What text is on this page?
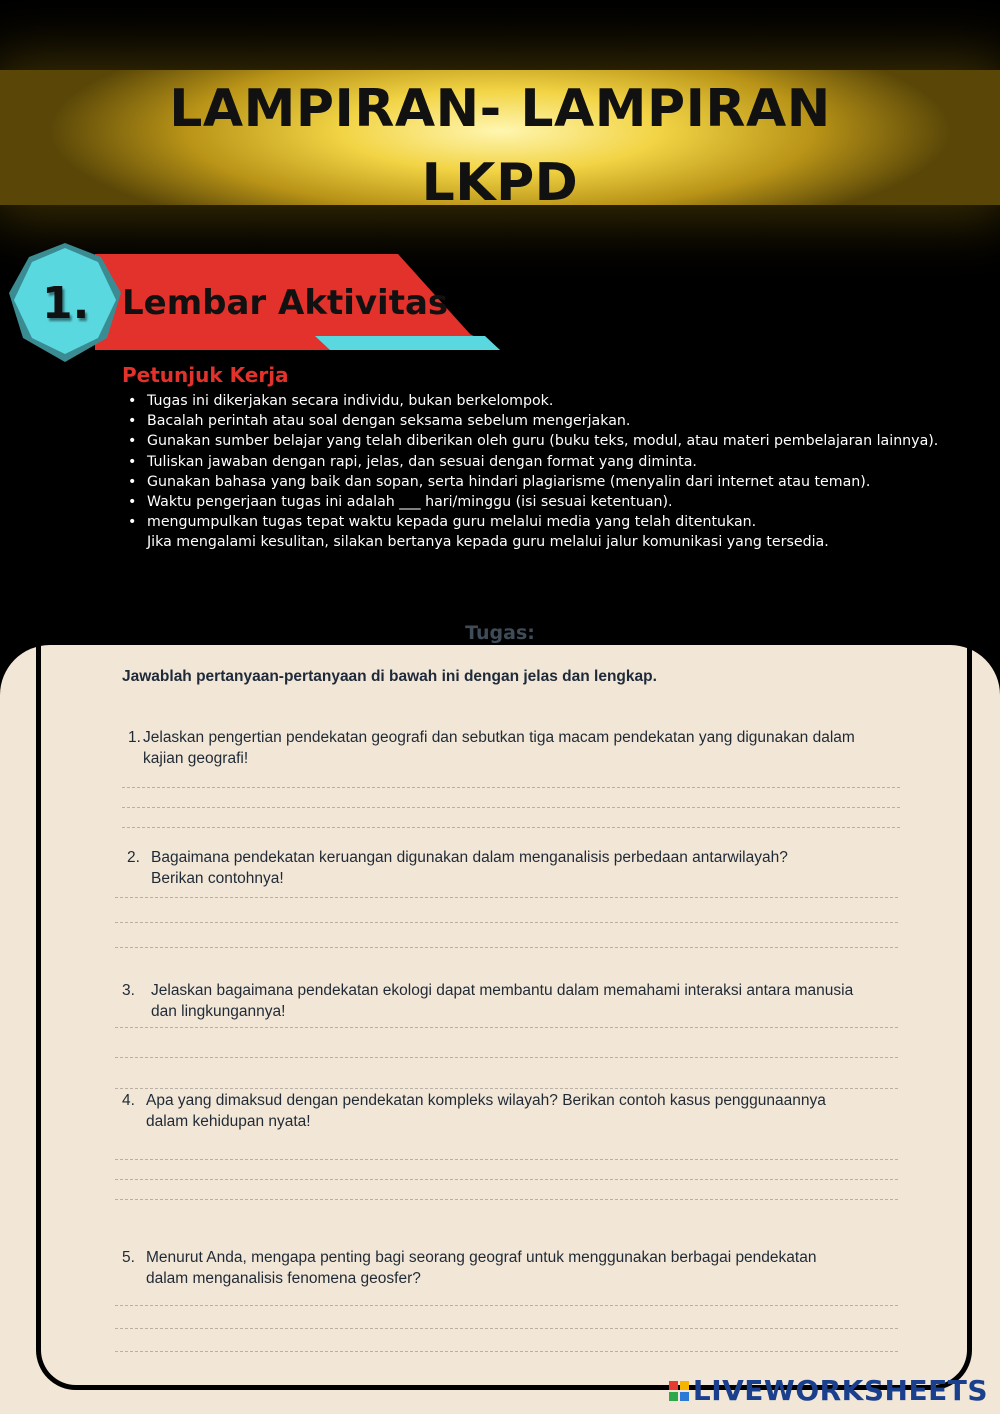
LAMPIRAN- LAMPIRAN
LKPD
1. Lembar Aktivitas
Petunjuk Kerja
• Tugas ini dikerjakan secara individu, bukan berkelompok.
• Bacalah perintah atau soal dengan seksama sebelum mengerjakan.
• Gunakan sumber belajar yang telah diberikan oleh guru (buku teks, modul, atau materi pembelajaran lainnya).
• Tuliskan jawaban dengan rapi, jelas, dan sesuai dengan format yang diminta.
• Gunakan bahasa yang baik dan sopan, serta hindari plagiarisme (menyalin dari internet atau teman).
• Waktu pengerjaan tugas ini adalah ___ hari/minggu (isi sesuai ketentuan).
• mengumpulkan tugas tepat waktu kepada guru melalui media yang telah ditentukan.
Jika mengalami kesulitan, silakan bertanya kepada guru melalui jalur komunikasi yang tersedia.
Tugas:
Jawablah pertanyaan-pertanyaan di bawah ini dengan jelas dan lengkap.
1. Jelaskan pengertian pendekatan geografi dan sebutkan tiga macam pendekatan yang digunakan dalam
kajian geografi!
2. Bagaimana pendekatan keruangan digunakan dalam menganalisis perbedaan antarwilayah?
Berikan contohnya!
3. Jelaskan bagaimana pendekatan ekologi dapat membantu dalam memahami interaksi antara manusia
dan lingkungannya!
4. Apa yang dimaksud dengan pendekatan kompleks wilayah? Berikan contoh kasus penggunaannya
dalam kehidupan nyata!
5. Menurut Anda, mengapa penting bagi seorang geograf untuk menggunakan berbagai pendekatan
dalam menganalisis fenomena geosfer?
LIVEWORKSHEETS
